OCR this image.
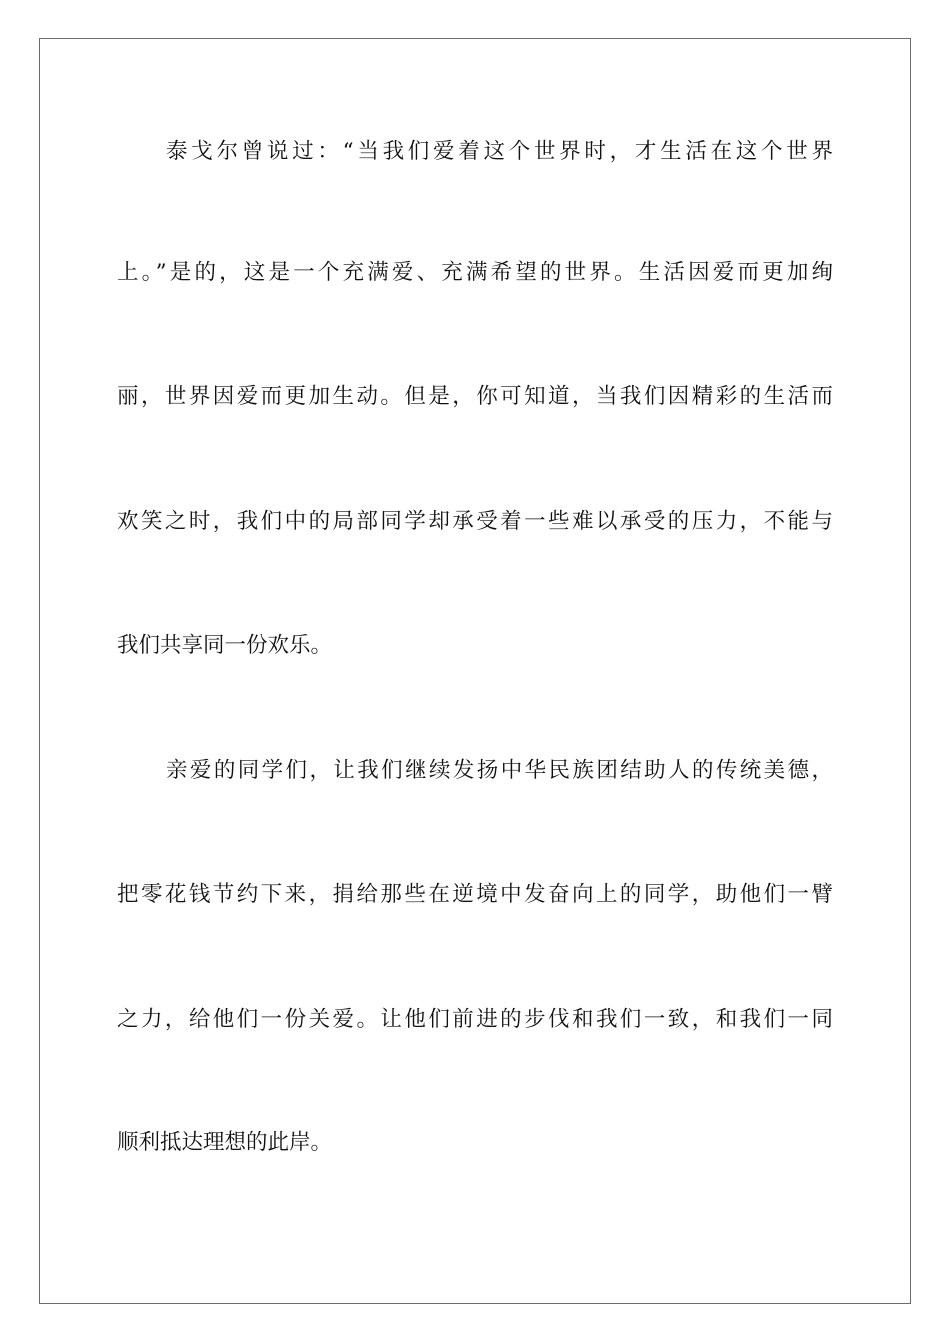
泰戈尔曾说过：“当我们爱着这个世界时，才生活在这个世界
上。”是的，这是一个充满爱、充满希望的世界。生活因爱而更加绚
丽，世界因爱而更加生动。但是，你可知道，当我们因精彩的生活而
欢笑之时，我们中的局部同学却承受着一些难以承受的压力，不能与
我们共享同一份欢乐。
亲爱的同学们，让我们继续发扬中华民族团结助人的传统美德，
把零花钱节约下来，捐给那些在逆境中发奋向上的同学，助他们一臂
之力，给他们一份关爱。让他们前进的步伐和我们一致，和我们一同
顺利抵达理想的此岸。
